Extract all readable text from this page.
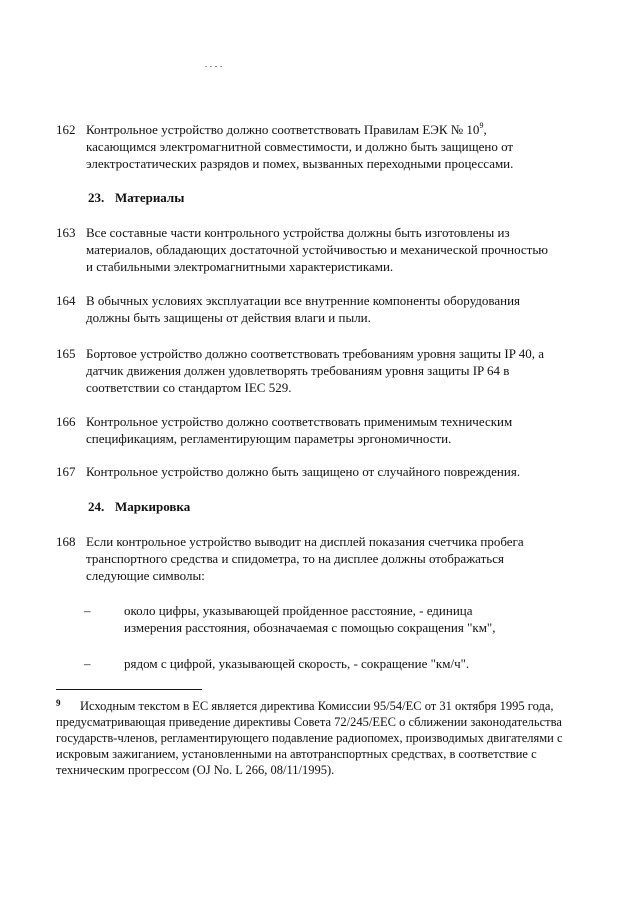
162 Контрольное устройство должно соответствовать Правилам ЕЭК № $10^9$, касающимся электромагнитной совместимости, и должно быть защищено от электростатических разрядов и помех, вызванных переходными процессами.
23. Материалы
163 Все составные части контрольного устройства должны быть изготовлены из материалов, обладающих достаточной устойчивостью и механической прочностью и стабильными электромагнитными характеристиками.
164 В обычных условиях эксплуатации все внутренние компоненты оборудования должны быть защищены от действия влаги и пыли.
165 Бортовое устройство должно соответствовать требованиям уровня защиты IP 40, а датчик движения должен удовлетворять требованиям уровня защиты IP 64 в соответствии со стандартом IEC 529.
166 Контрольное устройство должно соответствовать применимым техническим спецификациям, регламентирующим параметры эргономичности.
167 Контрольное устройство должно быть защищено от случайного повреждения.
24. Маркировка
168 Если контрольное устройство выводит на дисплей показания счетчика пробега транспортного средства и спидометра, то на дисплее должны отображаться следующие символы:
–	около цифры, указывающей пройденное расстояние, - единица измерения расстояния, обозначаемая с помощью сокращения "км",
–	рядом с цифрой, указывающей скорость, - сокращение "км/ч".
9	Исходным текстом в ЕС является директива Комиссии 95/54/ЕС от 31 октября 1995 года, предусматривающая приведение директивы Совета 72/245/ЕЕС о сближении законодательства государств-членов, регламентирующего подавление радиопомех, производимых двигателями с искровым зажиганием, установленными на автотранспортных средствах, в соответствие с техническим прогрессом (OJ No. L 266, 08/11/1995).
